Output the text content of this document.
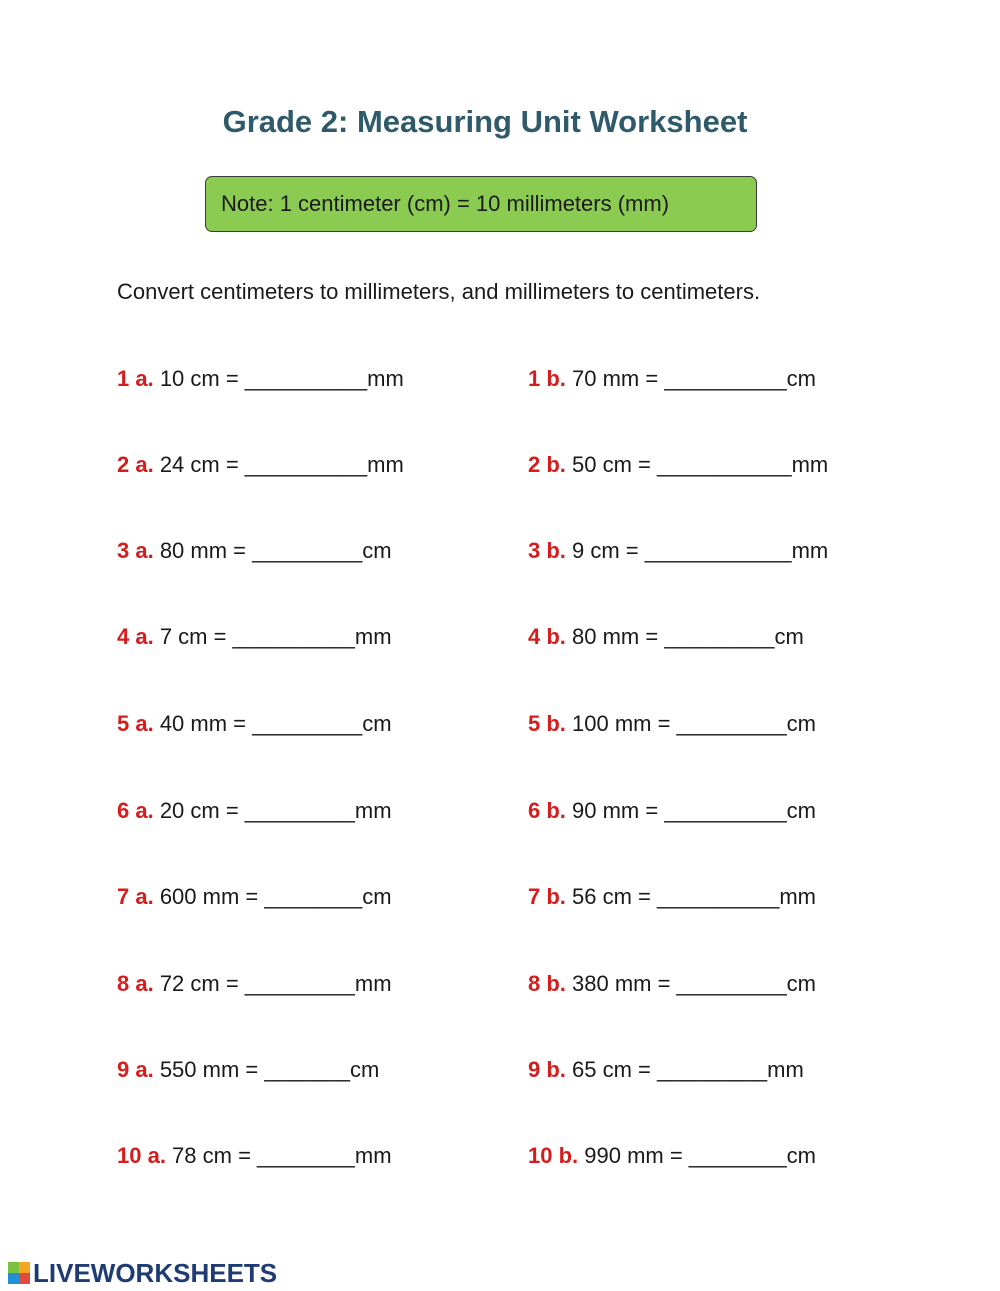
Grade 2: Measuring Unit Worksheet
Note: 1 centimeter (cm) = 10 millimeters (mm)
Convert centimeters to millimeters, and millimeters to centimeters.
1 a. 10 cm = __________mm	1 b. 70 mm = __________cm
2 a. 24 cm = __________mm	2 b. 50 cm = ___________mm
3 a. 80 mm = _________cm	3 b. 9 cm = ____________mm
4 a. 7 cm = __________mm	4 b. 80 mm = _________cm
5 a. 40 mm = _________cm	5 b. 100 mm = _________cm
6 a. 20 cm = _________mm	6 b. 90 mm = __________cm
7 a. 600 mm = ________cm	7 b. 56 cm = __________mm
8 a. 72 cm = _________mm	8 b. 380 mm = _________cm
9 a. 550 mm = _______cm	9 b. 65 cm = _________mm
10 a. 78 cm = ________mm	10 b. 990 mm = ________cm
LIVEWORKSHEETS
